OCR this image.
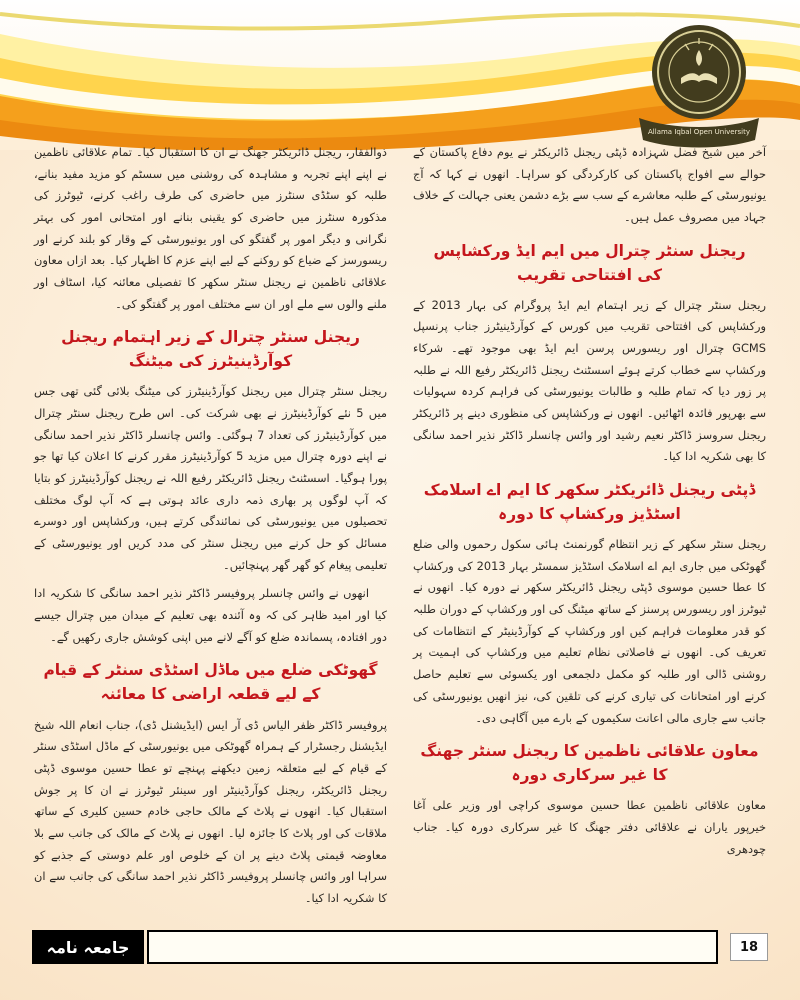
Allama Iqbal Open University

آخر میں شیخ فضل شہزادہ ڈپٹی ریجنل ڈائریکٹر نے یوم دفاع پاکستان کے حوالے سے افواج پاکستان کی کارکردگی کو سراہا۔ انھوں نے کہا کہ آج یونیورسٹی کے طلبہ معاشرے کے سب سے بڑے دشمن یعنی جہالت کے خلاف جہاد میں مصروف عمل ہیں۔

ریجنل سنٹر چترال میں ایم ایڈ ورکشاپس کی افتتاحی تقریب

ریجنل سنٹر چترال کے زیر اہتمام ایم ایڈ پروگرام کی بہار 2013 کے ورکشاپس کی افتتاحی تقریب میں کورس کے کوآرڈینیٹرز جناب پرنسپل GCMS چترال اور ریسورس پرسن ایم ایڈ بھی موجود تھے۔ شرکاء ورکشاپ سے خطاب کرتے ہوئے اسسٹنٹ ریجنل ڈائریکٹر رفیع اللہ نے طلبہ پر زور دیا کہ تمام طلبہ و طالبات یونیورسٹی کی فراہم کردہ سہولیات سے بھرپور فائدہ اٹھائیں۔ انھوں نے ورکشاپس کی منظوری دینے پر ڈائریکٹر ریجنل سروسز ڈاکٹر نعیم رشید اور وائس چانسلر ڈاکٹر نذیر احمد سانگی کا بھی شکریہ ادا کیا۔

ڈپٹی ریجنل ڈائریکٹر سکھر کا ایم اے اسلامک اسٹڈیز ورکشاپ کا دورہ

ریجنل سنٹر سکھر کے زیر انتظام گورنمنٹ ہائی سکول رحموں والی ضلع گھوٹکی میں جاری ایم اے اسلامک اسٹڈیز سمسٹر بہار 2013 کی ورکشاپ کا عطا حسین موسوی ڈپٹی ریجنل ڈائریکٹر سکھر نے دورہ کیا۔ انھوں نے ٹیوٹرز اور ریسورس پرسنز کے ساتھ میٹنگ کی اور ورکشاپ کے دوران طلبہ کو قدر معلومات فراہم کیں اور ورکشاپ کے کوآرڈینیٹر کے انتظامات کی تعریف کی۔ انھوں نے فاصلاتی نظام تعلیم میں ورکشاپ کی اہمیت پر روشنی ڈالی اور طلبہ کو مکمل دلجمعی اور یکسوئی سے تعلیم حاصل کرنے اور امتحانات کی تیاری کرنے کی تلقین کی، نیز انھیں یونیورسٹی کی جانب سے جاری مالی اعانت سکیموں کے بارے میں آگاہی دی۔

معاون علاقائی ناظمین کا ریجنل سنٹر جھنگ کا غیر سرکاری دورہ

معاون علاقائی ناظمین عطا حسین موسوی کراچی اور وزیر علی آغا خیرپور یاران نے علاقائی دفتر جھنگ کا غیر سرکاری دورہ کیا۔ جناب چودھری

ذوالفقار، ریجنل ڈائریکٹر جھنگ نے ان کا استقبال کیا۔ تمام علاقائی ناظمین نے اپنے اپنے تجربہ و مشاہدہ کی روشنی میں سسٹم کو مزید مفید بنانے، طلبہ کو سٹڈی سنٹرز میں حاضری کی طرف راغب کرنے، ٹیوٹرز کی مذکورہ سنٹرز میں حاضری کو یقینی بنانے اور امتحانی امور کی بہتر نگرانی و دیگر امور پر گفتگو کی اور یونیورسٹی کے وقار کو بلند کرنے اور ریسورسز کے ضیاع کو روکنے کے لیے اپنے عزم کا اظہار کیا۔ بعد ازاں معاون علاقائی ناظمین نے ریجنل سنٹر سکھر کا تفصیلی معائنہ کیا، اسٹاف اور ملنے والوں سے ملے اور ان سے مختلف امور پر گفتگو کی۔

ریجنل سنٹر چترال کے زیر اہتمام ریجنل کوآرڈینیٹرز کی میٹنگ

ریجنل سنٹر چترال میں ریجنل کوآرڈینیٹرز کی میٹنگ بلائی گئی تھی جس میں 5 نئے کوآرڈینیٹرز نے بھی شرکت کی۔ اس طرح ریجنل سنٹر چترال میں کوآرڈینیٹرز کی تعداد 7 ہوگئی۔ وائس چانسلر ڈاکٹر نذیر احمد سانگی نے اپنے دورہ چترال میں مزید 5 کوآرڈینیٹرز مقرر کرنے کا اعلان کیا تھا جو پورا ہوگیا۔ اسسٹنٹ ریجنل ڈائریکٹر رفیع اللہ نے ریجنل کوآرڈینیٹرز کو بتایا کہ آپ لوگوں پر بھاری ذمہ داری عائد ہوتی ہے کہ آپ لوگ مختلف تحصیلوں میں یونیورسٹی کی نمائندگی کرتے ہیں، ورکشاپس اور دوسرے مسائل کو حل کرنے میں ریجنل سنٹر کی مدد کریں اور یونیورسٹی کے تعلیمی پیغام کو گھر گھر پہنچائیں۔

انھوں نے وائس چانسلر پروفیسر ڈاکٹر نذیر احمد سانگی کا شکریہ ادا کیا اور امید ظاہر کی کہ وہ آئندہ بھی تعلیم کے میدان میں چترال جیسے دور افتادہ، پسماندہ ضلع کو آگے لانے میں اپنی کوشش جاری رکھیں گے۔

گھوٹکی ضلع میں ماڈل اسٹڈی سنٹر کے قیام کے لیے قطعہ اراضی کا معائنہ

پروفیسر ڈاکٹر ظفر الیاس ڈی آر ایس (ایڈیشنل ڈی)، جناب انعام اللہ شیخ ایڈیشنل رجسٹرار کے ہمراہ گھوٹکی میں یونیورسٹی کے ماڈل اسٹڈی سنٹر کے قیام کے لیے متعلقہ زمین دیکھنے پہنچے تو عطا حسین موسوی ڈپٹی ریجنل ڈائریکٹر، ریجنل کوآرڈینیٹر اور سینئر ٹیوٹرز نے ان کا پر جوش استقبال کیا۔ انھوں نے پلاٹ کے مالک حاجی خادم حسین کلیری کے ساتھ ملاقات کی اور پلاٹ کا جائزہ لیا۔ انھوں نے پلاٹ کے مالک کی جانب سے بلا معاوضہ قیمتی پلاٹ دینے پر ان کے خلوص اور علم دوستی کے جذبے کو سراہا اور وائس چانسلر پروفیسر ڈاکٹر نذیر احمد سانگی کی جانب سے ان کا شکریہ ادا کیا۔

جامعہ نامہ	18
